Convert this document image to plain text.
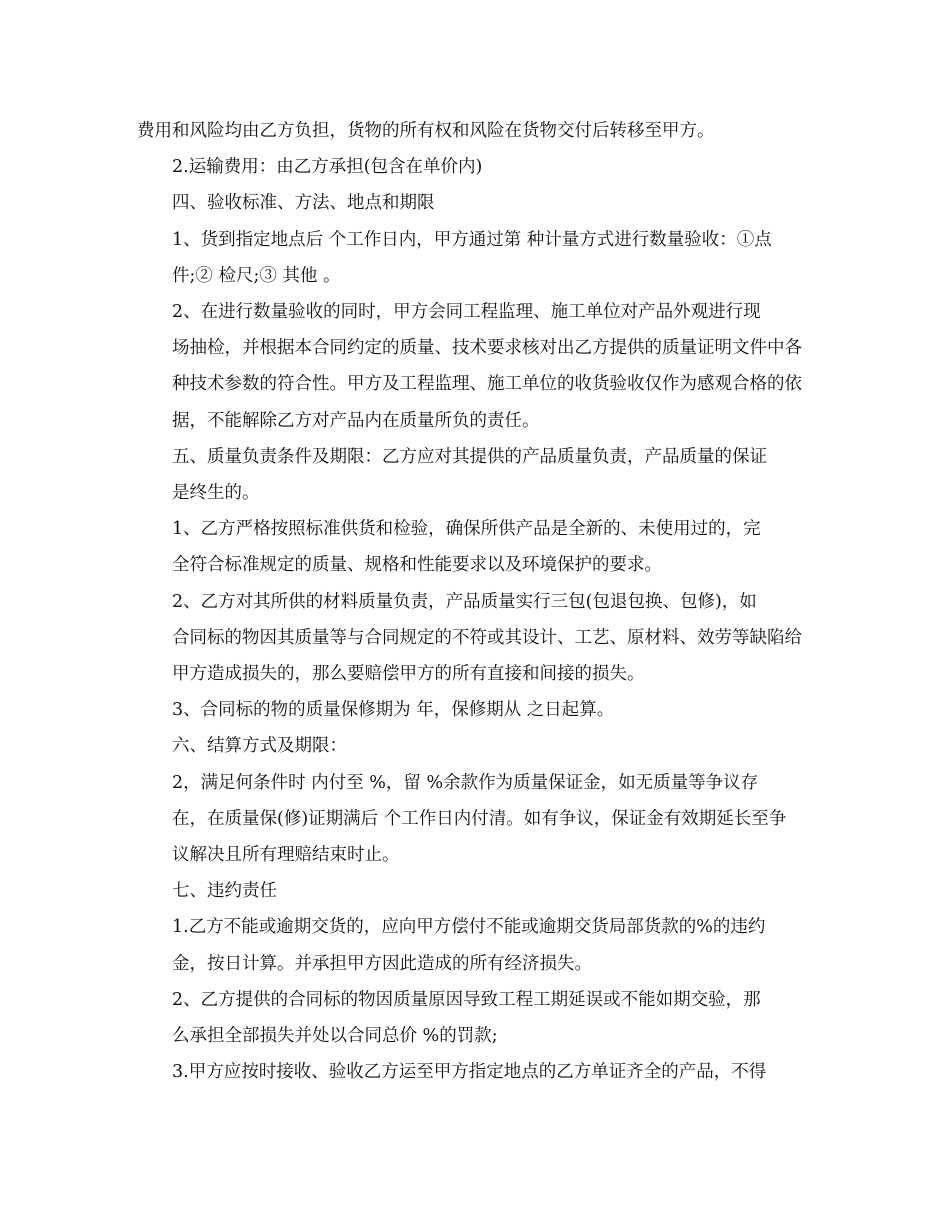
费用和风险均由乙方负担，货物的所有权和风险在货物交付后转移至甲方。
2.运输费用：由乙方承担(包含在单价内)
四、验收标准、方法、地点和期限
1、货到指定地点后 个工作日内，甲方通过第 种计量方式进行数量验收：①点
件;② 检尺;③ 其他 。
2、在进行数量验收的同时，甲方会同工程监理、施工单位对产品外观进行现
场抽检，并根据本合同约定的质量、技术要求核对出乙方提供的质量证明文件中各
种技术参数的符合性。甲方及工程监理、施工单位的收货验收仅作为感观合格的依
据，不能解除乙方对产品内在质量所负的责任。
五、质量负责条件及期限：乙方应对其提供的产品质量负责，产品质量的保证
是终生的。
1、乙方严格按照标准供货和检验，确保所供产品是全新的、未使用过的，完
全符合标准规定的质量、规格和性能要求以及环境保护的要求。
2、乙方对其所供的材料质量负责，产品质量实行三包(包退包换、包修)，如
合同标的物因其质量等与合同规定的不符或其设计、工艺、原材料、效劳等缺陷给
甲方造成损失的，那么要赔偿甲方的所有直接和间接的损失。
3、合同标的物的质量保修期为 年，保修期从 之日起算。
六、结算方式及期限：
2，满足何条件时 内付至 %，留 %余款作为质量保证金，如无质量等争议存
在，在质量保(修)证期满后 个工作日内付清。如有争议，保证金有效期延长至争
议解决且所有理赔结束时止。
七、违约责任
1.乙方不能或逾期交货的，应向甲方偿付不能或逾期交货局部货款的%的违约
金，按日计算。并承担甲方因此造成的所有经济损失。
2、乙方提供的合同标的物因质量原因导致工程工期延误或不能如期交验，那
么承担全部损失并处以合同总价 %的罚款;
3.甲方应按时接收、验收乙方运至甲方指定地点的乙方单证齐全的产品，不得
